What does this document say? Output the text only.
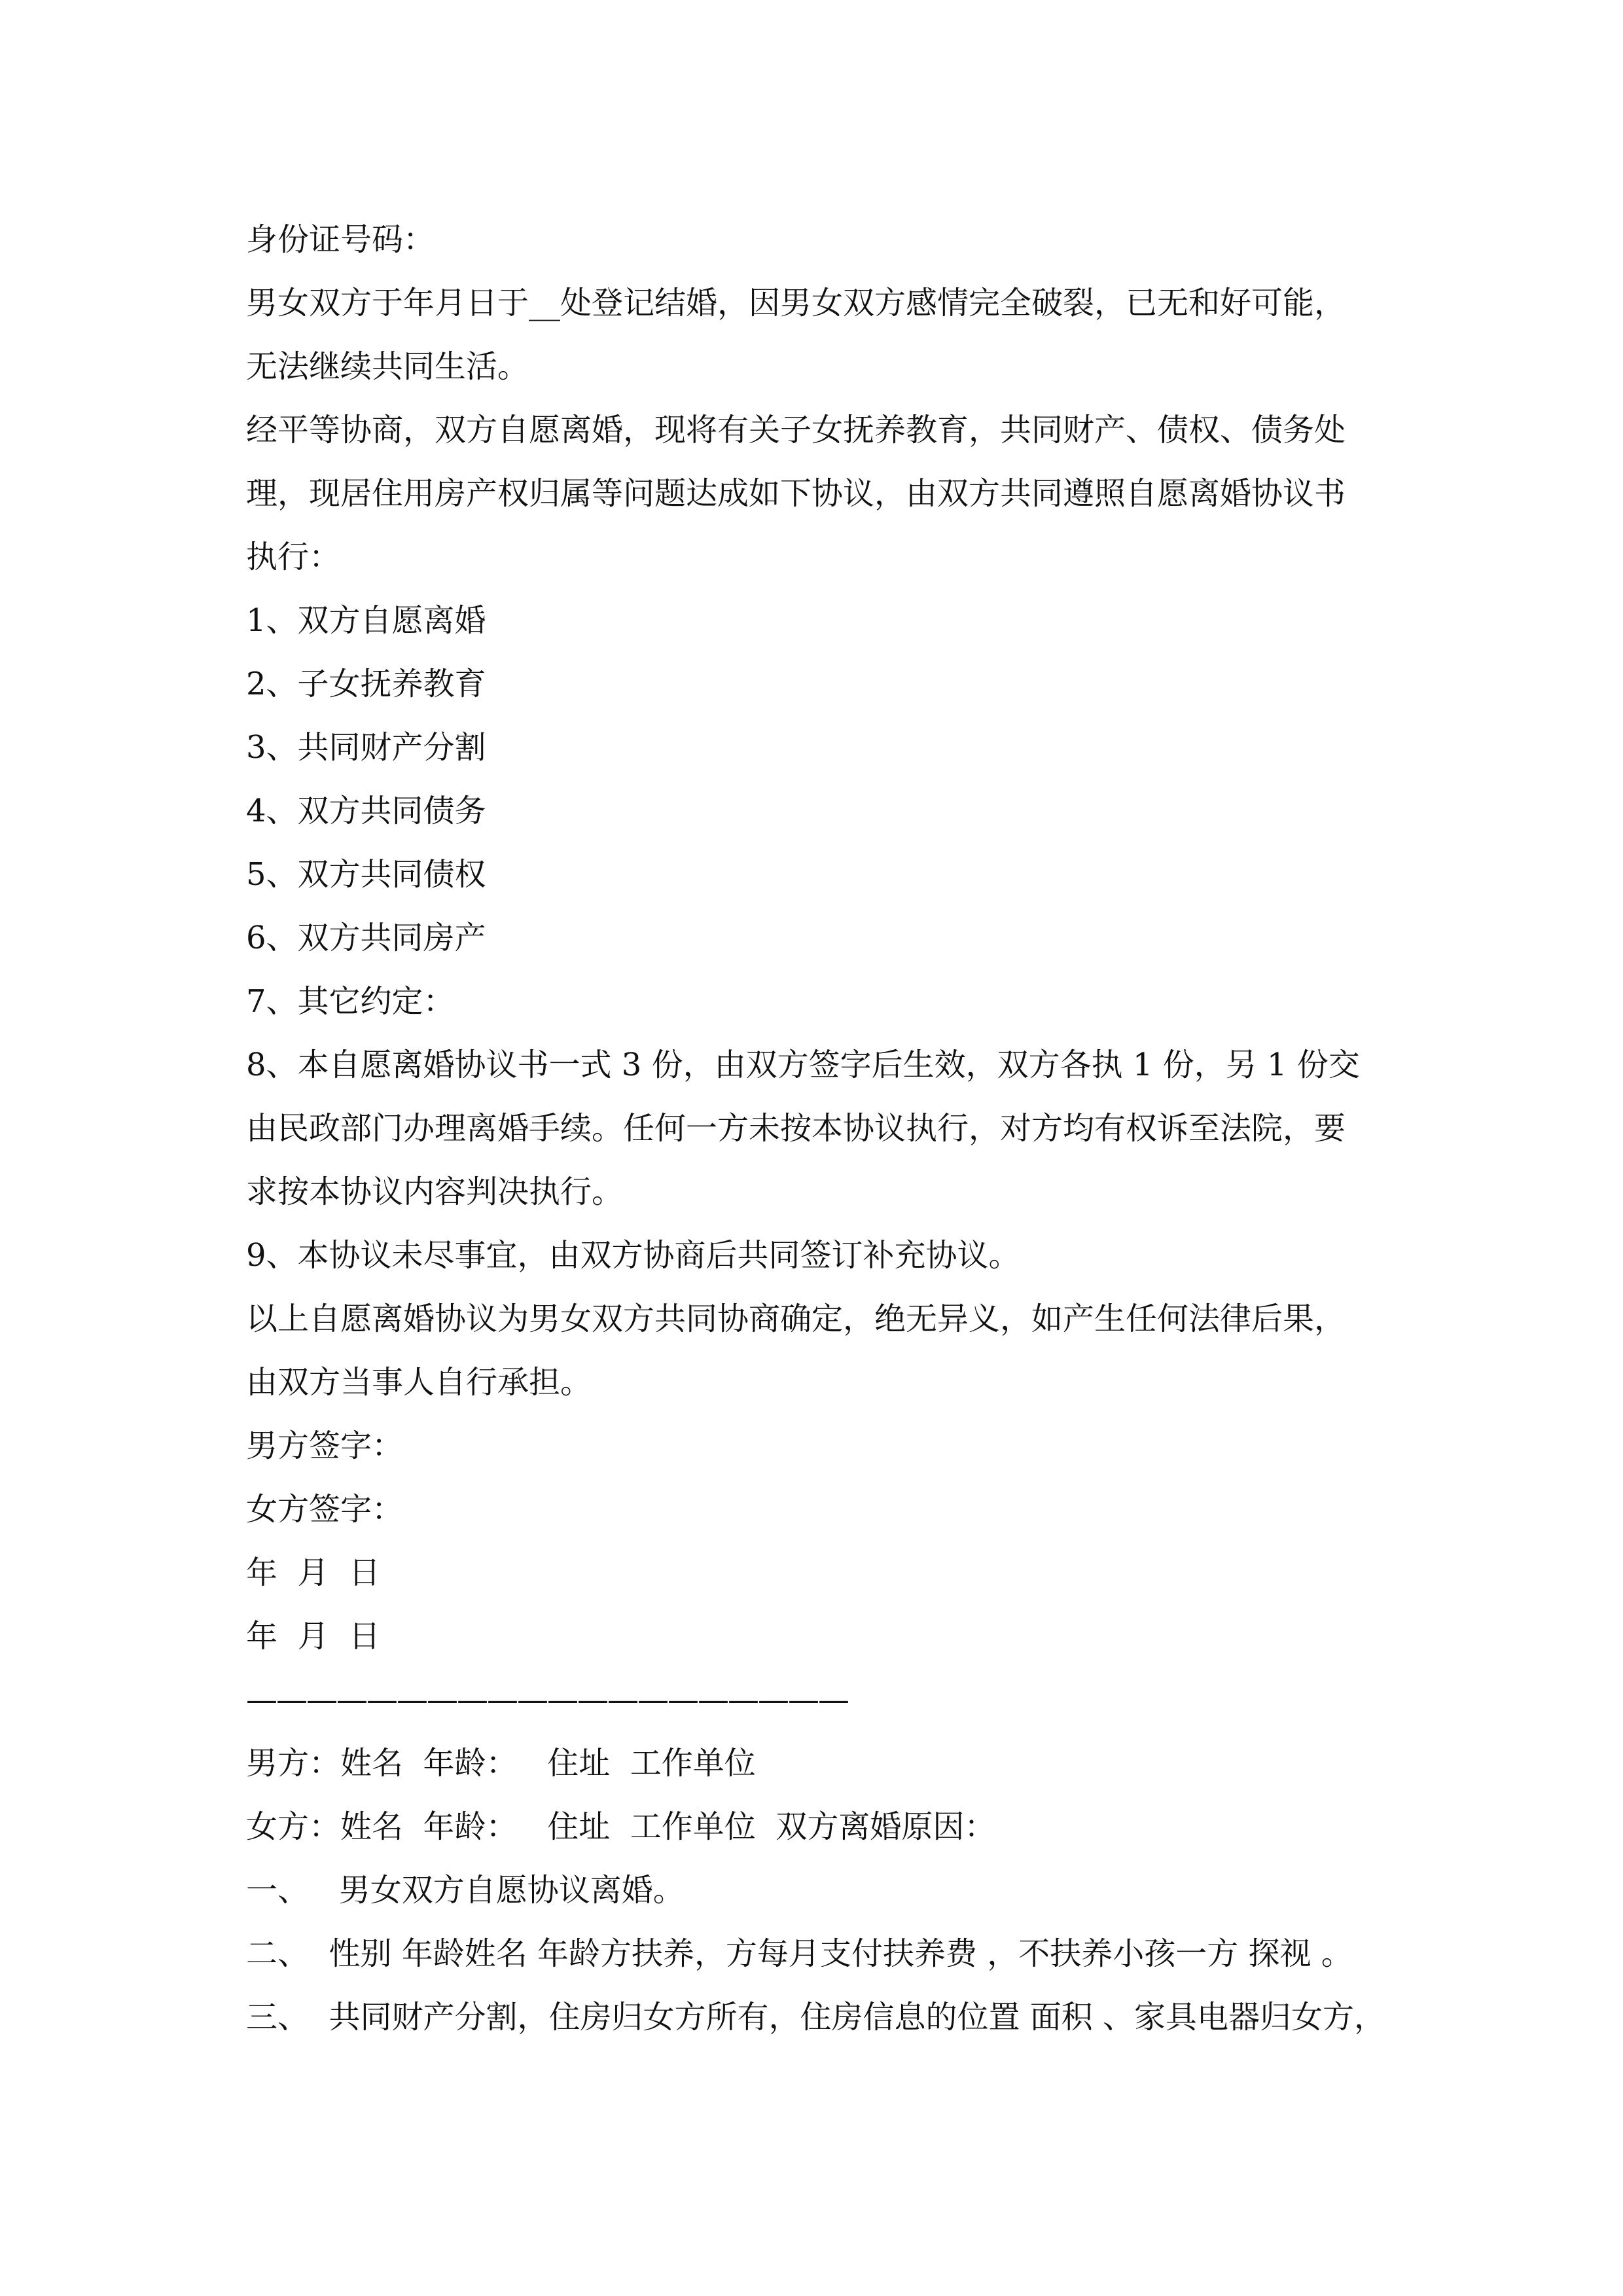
身份证号码：
男女双方于年月日于__处登记结婚，因男女双方感情完全破裂，已无和好可能，
无法继续共同生活。
经平等协商，双方自愿离婚，现将有关子女抚养教育，共同财产、债权、债务处
理，现居住用房产权归属等问题达成如下协议，由双方共同遵照自愿离婚协议书
执行：
1、双方自愿离婚
2、子女抚养教育
3、共同财产分割
4、双方共同债务
5、双方共同债权
6、双方共同房产
7、其它约定：
8、本自愿离婚协议书一式 3 份，由双方签字后生效，双方各执 1 份，另 1 份交
由民政部门办理离婚手续。任何一方未按本协议执行，对方均有权诉至法院，要
求按本协议内容判决执行。
9、本协议未尽事宜，由双方协商后共同签订补充协议。
以上自愿离婚协议为男女双方共同协商确定，绝无异义，如产生任何法律后果，
由双方当事人自行承担。
男方签字：
女方签字：
年  月  日
年  月  日
————————————————————
男方：姓名  年龄：   住址  工作单位
女方：姓名  年龄：   住址  工作单位  双方离婚原因：
一、   男女双方自愿协议离婚。
二、  性别 年龄姓名 年龄方扶养，方每月支付扶养费 ，不扶养小孩一方 探视 。
三、  共同财产分割，住房归女方所有，住房信息的位置 面积 、家具电器归女方，
